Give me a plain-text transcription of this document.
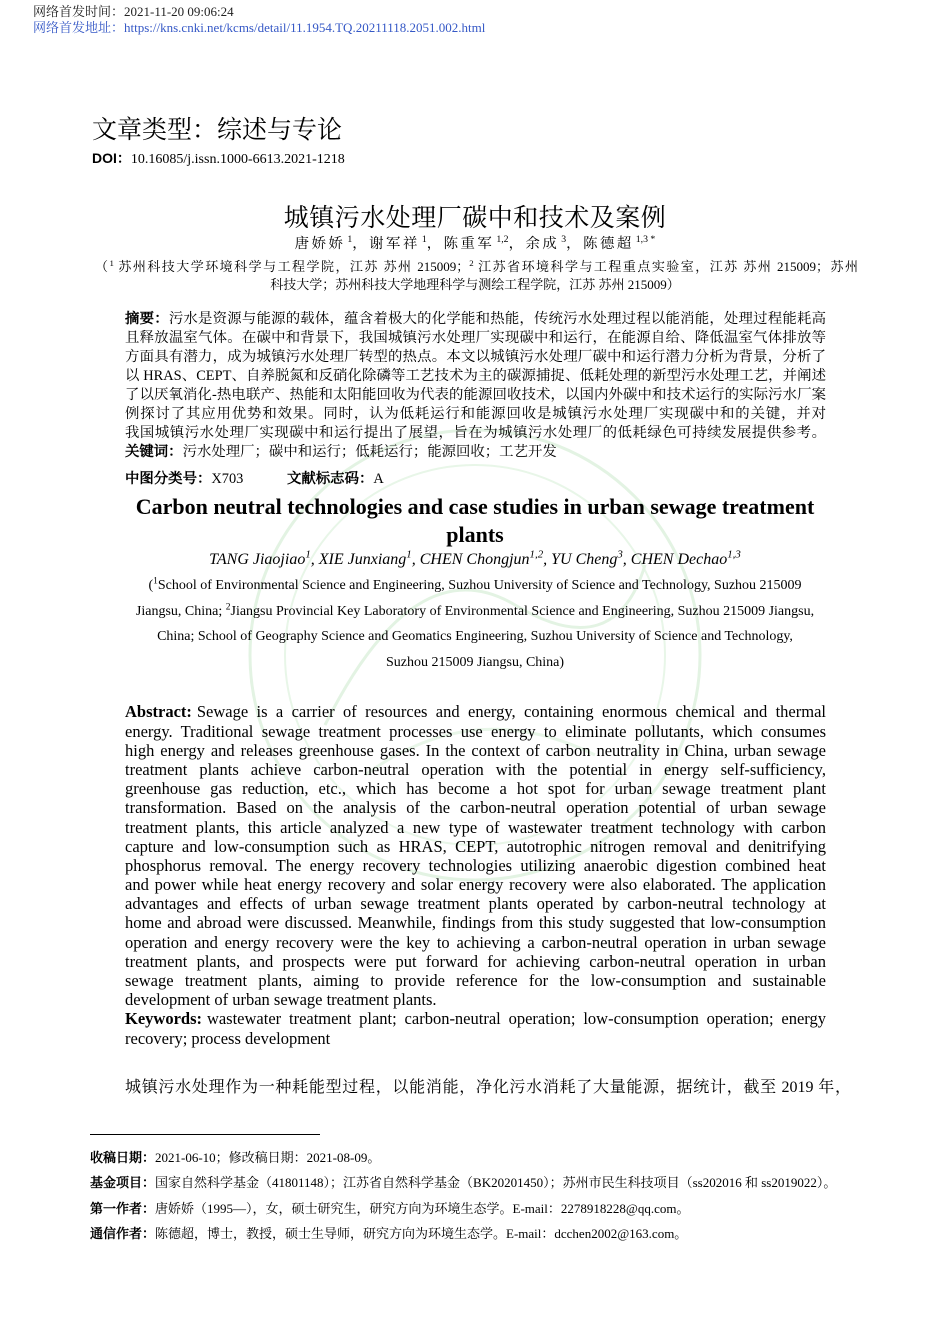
网络首发时间：2021-11-20 09:06:24
网络首发地址：https://kns.cnki.net/kcms/detail/11.1954.TQ.20211118.2051.002.html
文章类型：综述与专论
DOI：10.16085/j.issn.1000-6613.2021-1218
城镇污水处理厂碳中和技术及案例
唐娇娇 $^1$，谢军祥 $^1$，陈重军 $^{1,2}$，余成 $^3$，陈德超 $^{1,3 *}$
（$^1$ 苏州科技大学环境科学与工程学院，江苏 苏州 215009；$^2$ 江苏省环境科学与工程重点实验室，江苏 苏州 215009；苏州
科技大学；苏州科技大学地理科学与测绘工程学院，江苏 苏州 215009）
摘要：污水是资源与能源的载体，蕴含着极大的化学能和热能，传统污水处理过程以能消能，处理过程能耗高
且释放温室气体。在碳中和背景下，我国城镇污水处理厂实现碳中和运行，在能源自给、降低温室气体排放等
方面具有潜力，成为城镇污水处理厂转型的热点。本文以城镇污水处理厂碳中和运行潜力分析为背景，分析了
以 HRAS、CEPT、自养脱氮和反硝化除磷等工艺技术为主的碳源捕捉、低耗处理的新型污水处理工艺，并阐述
了以厌氧消化-热电联产、热能和太阳能回收为代表的能源回收技术，以国内外碳中和技术运行的实际污水厂案
例探讨了其应用优势和效果。同时，认为低耗运行和能源回收是城镇污水处理厂实现碳中和的关键，并对
我国城镇污水处理厂实现碳中和运行提出了展望，旨在为城镇污水处理厂的低耗绿色可持续发展提供参考。
关键词：污水处理厂；碳中和运行；低耗运行；能源回收；工艺开发
中图分类号：X703	文献标志码：A
Carbon neutral technologies and case studies in urban sewage treatment
plants
TANG Jiaojiao$^1$, XIE Junxiang$^1$, CHEN Chongjun$^{1,2}$, YU Cheng$^3$, CHEN Dechao$^{1,3}$
($^1$School of Environmental Science and Engineering, Suzhou University of Science and Technology, Suzhou 215009
Jiangsu, China; $^2$Jiangsu Provincial Key Laboratory of Environmental Science and Engineering, Suzhou 215009 Jiangsu,
China; School of Geography Science and Geomatics Engineering, Suzhou University of Science and Technology,
Suzhou 215009 Jiangsu, China)
Abstract: Sewage is a carrier of resources and energy, containing enormous chemical and thermal
energy. Traditional sewage treatment processes use energy to eliminate pollutants, which consumes
high energy and releases greenhouse gases. In the context of carbon neutrality in China, urban sewage
treatment plants achieve carbon-neutral operation with the potential in energy self-sufficiency,
greenhouse gas reduction, etc., which has become a hot spot for urban sewage treatment plant
transformation. Based on the analysis of the carbon-neutral operation potential of urban sewage
treatment plants, this article analyzed a new type of wastewater treatment technology with carbon
capture and low-consumption such as HRAS, CEPT, autotrophic nitrogen removal and denitrifying
phosphorus removal. The energy recovery technologies utilizing anaerobic digestion combined heat
and power while heat energy recovery and solar energy recovery were also elaborated. The application
advantages and effects of urban sewage treatment plants operated by carbon-neutral technology at
home and abroad were discussed. Meanwhile, findings from this study suggested that low-consumption
operation and energy recovery were the key to achieving a carbon-neutral operation in urban sewage
treatment plants, and prospects were put forward for achieving carbon-neutral operation in urban
sewage treatment plants, aiming to provide reference for the low-consumption and sustainable
development of urban sewage treatment plants.
Keywords: wastewater treatment plant; carbon-neutral operation; low-consumption operation; energy
recovery; process development
城镇污水处理作为一种耗能型过程，以能消能，净化污水消耗了大量能源，据统计，截至 2019 年，
收稿日期：2021-06-10；修改稿日期：2021-08-09。
基金项目：国家自然科学基金（41801148）；江苏省自然科学基金（BK20201450）；苏州市民生科技项目（ss202016 和 ss2019022）。
第一作者：唐娇娇（1995—），女，硕士研究生，研究方向为环境生态学。E-mail：2278918228@qq.com。
通信作者：陈德超，博士，教授，硕士生导师，研究方向为环境生态学。E-mail：dcchen2002@163.com。
